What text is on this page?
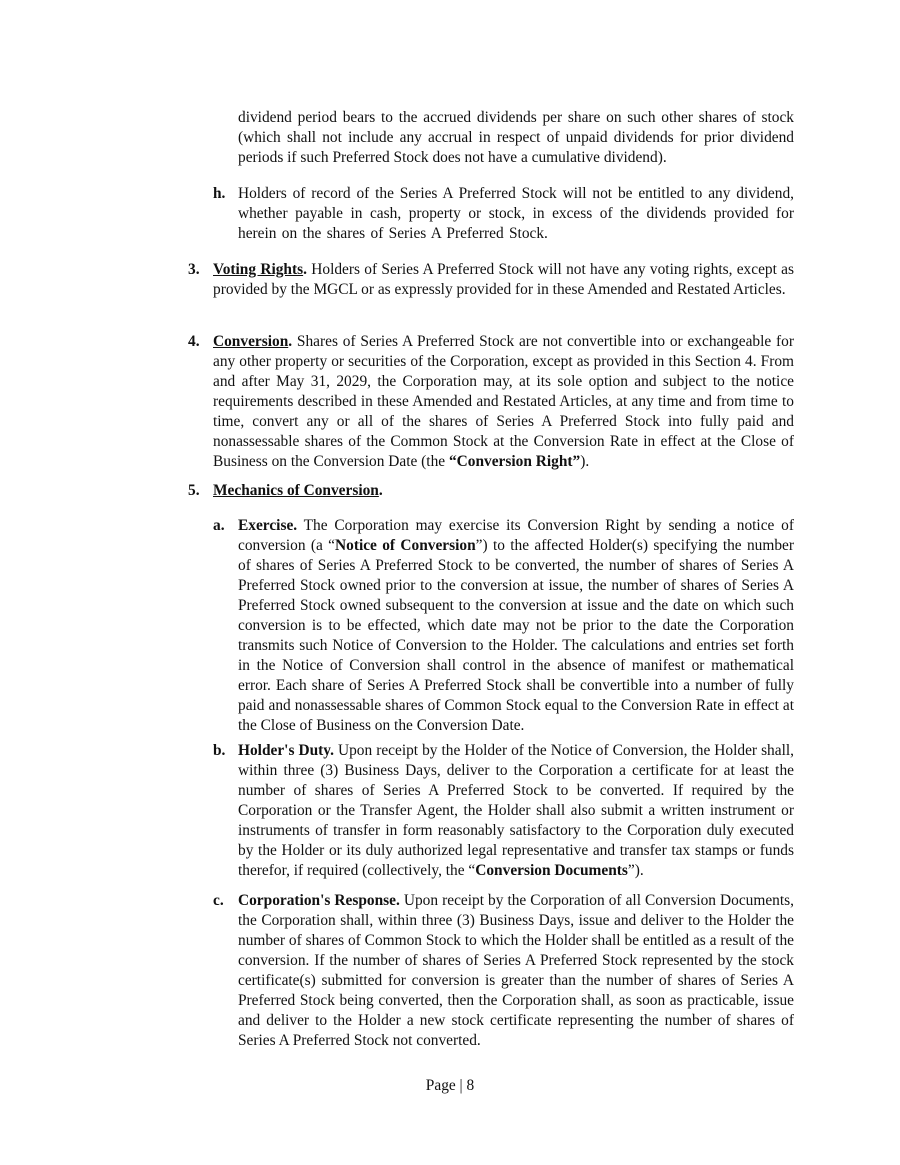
dividend period bears to the accrued dividends per share on such other shares of stock (which shall not include any accrual in respect of unpaid dividends for prior dividend periods if such Preferred Stock does not have a cumulative dividend).

h. Holders of record of the Series A Preferred Stock will not be entitled to any dividend, whether payable in cash, property or stock, in excess of the dividends provided for herein on the shares of Series A Preferred Stock.

3. Voting Rights. Holders of Series A Preferred Stock will not have any voting rights, except as provided by the MGCL or as expressly provided for in these Amended and Restated Articles.

4. Conversion. Shares of Series A Preferred Stock are not convertible into or exchangeable for any other property or securities of the Corporation, except as provided in this Section 4. From and after May 31, 2029, the Corporation may, at its sole option and subject to the notice requirements described in these Amended and Restated Articles, at any time and from time to time, convert any or all of the shares of Series A Preferred Stock into fully paid and nonassessable shares of the Common Stock at the Conversion Rate in effect at the Close of Business on the Conversion Date (the “Conversion Right”).

5. Mechanics of Conversion.

a. Exercise. The Corporation may exercise its Conversion Right by sending a notice of conversion (a “Notice of Conversion”) to the affected Holder(s) specifying the number of shares of Series A Preferred Stock to be converted, the number of shares of Series A Preferred Stock owned prior to the conversion at issue, the number of shares of Series A Preferred Stock owned subsequent to the conversion at issue and the date on which such conversion is to be effected, which date may not be prior to the date the Corporation transmits such Notice of Conversion to the Holder. The calculations and entries set forth in the Notice of Conversion shall control in the absence of manifest or mathematical error. Each share of Series A Preferred Stock shall be convertible into a number of fully paid and nonassessable shares of Common Stock equal to the Conversion Rate in effect at the Close of Business on the Conversion Date.

b. Holder's Duty. Upon receipt by the Holder of the Notice of Conversion, the Holder shall, within three (3) Business Days, deliver to the Corporation a certificate for at least the number of shares of Series A Preferred Stock to be converted. If required by the Corporation or the Transfer Agent, the Holder shall also submit a written instrument or instruments of transfer in form reasonably satisfactory to the Corporation duly executed by the Holder or its duly authorized legal representative and transfer tax stamps or funds therefor, if required (collectively, the “Conversion Documents”).

c. Corporation's Response. Upon receipt by the Corporation of all Conversion Documents, the Corporation shall, within three (3) Business Days, issue and deliver to the Holder the number of shares of Common Stock to which the Holder shall be entitled as a result of the conversion. If the number of shares of Series A Preferred Stock represented by the stock certificate(s) submitted for conversion is greater than the number of shares of Series A Preferred Stock being converted, then the Corporation shall, as soon as practicable, issue and deliver to the Holder a new stock certificate representing the number of shares of Series A Preferred Stock not converted.

Page | 8
